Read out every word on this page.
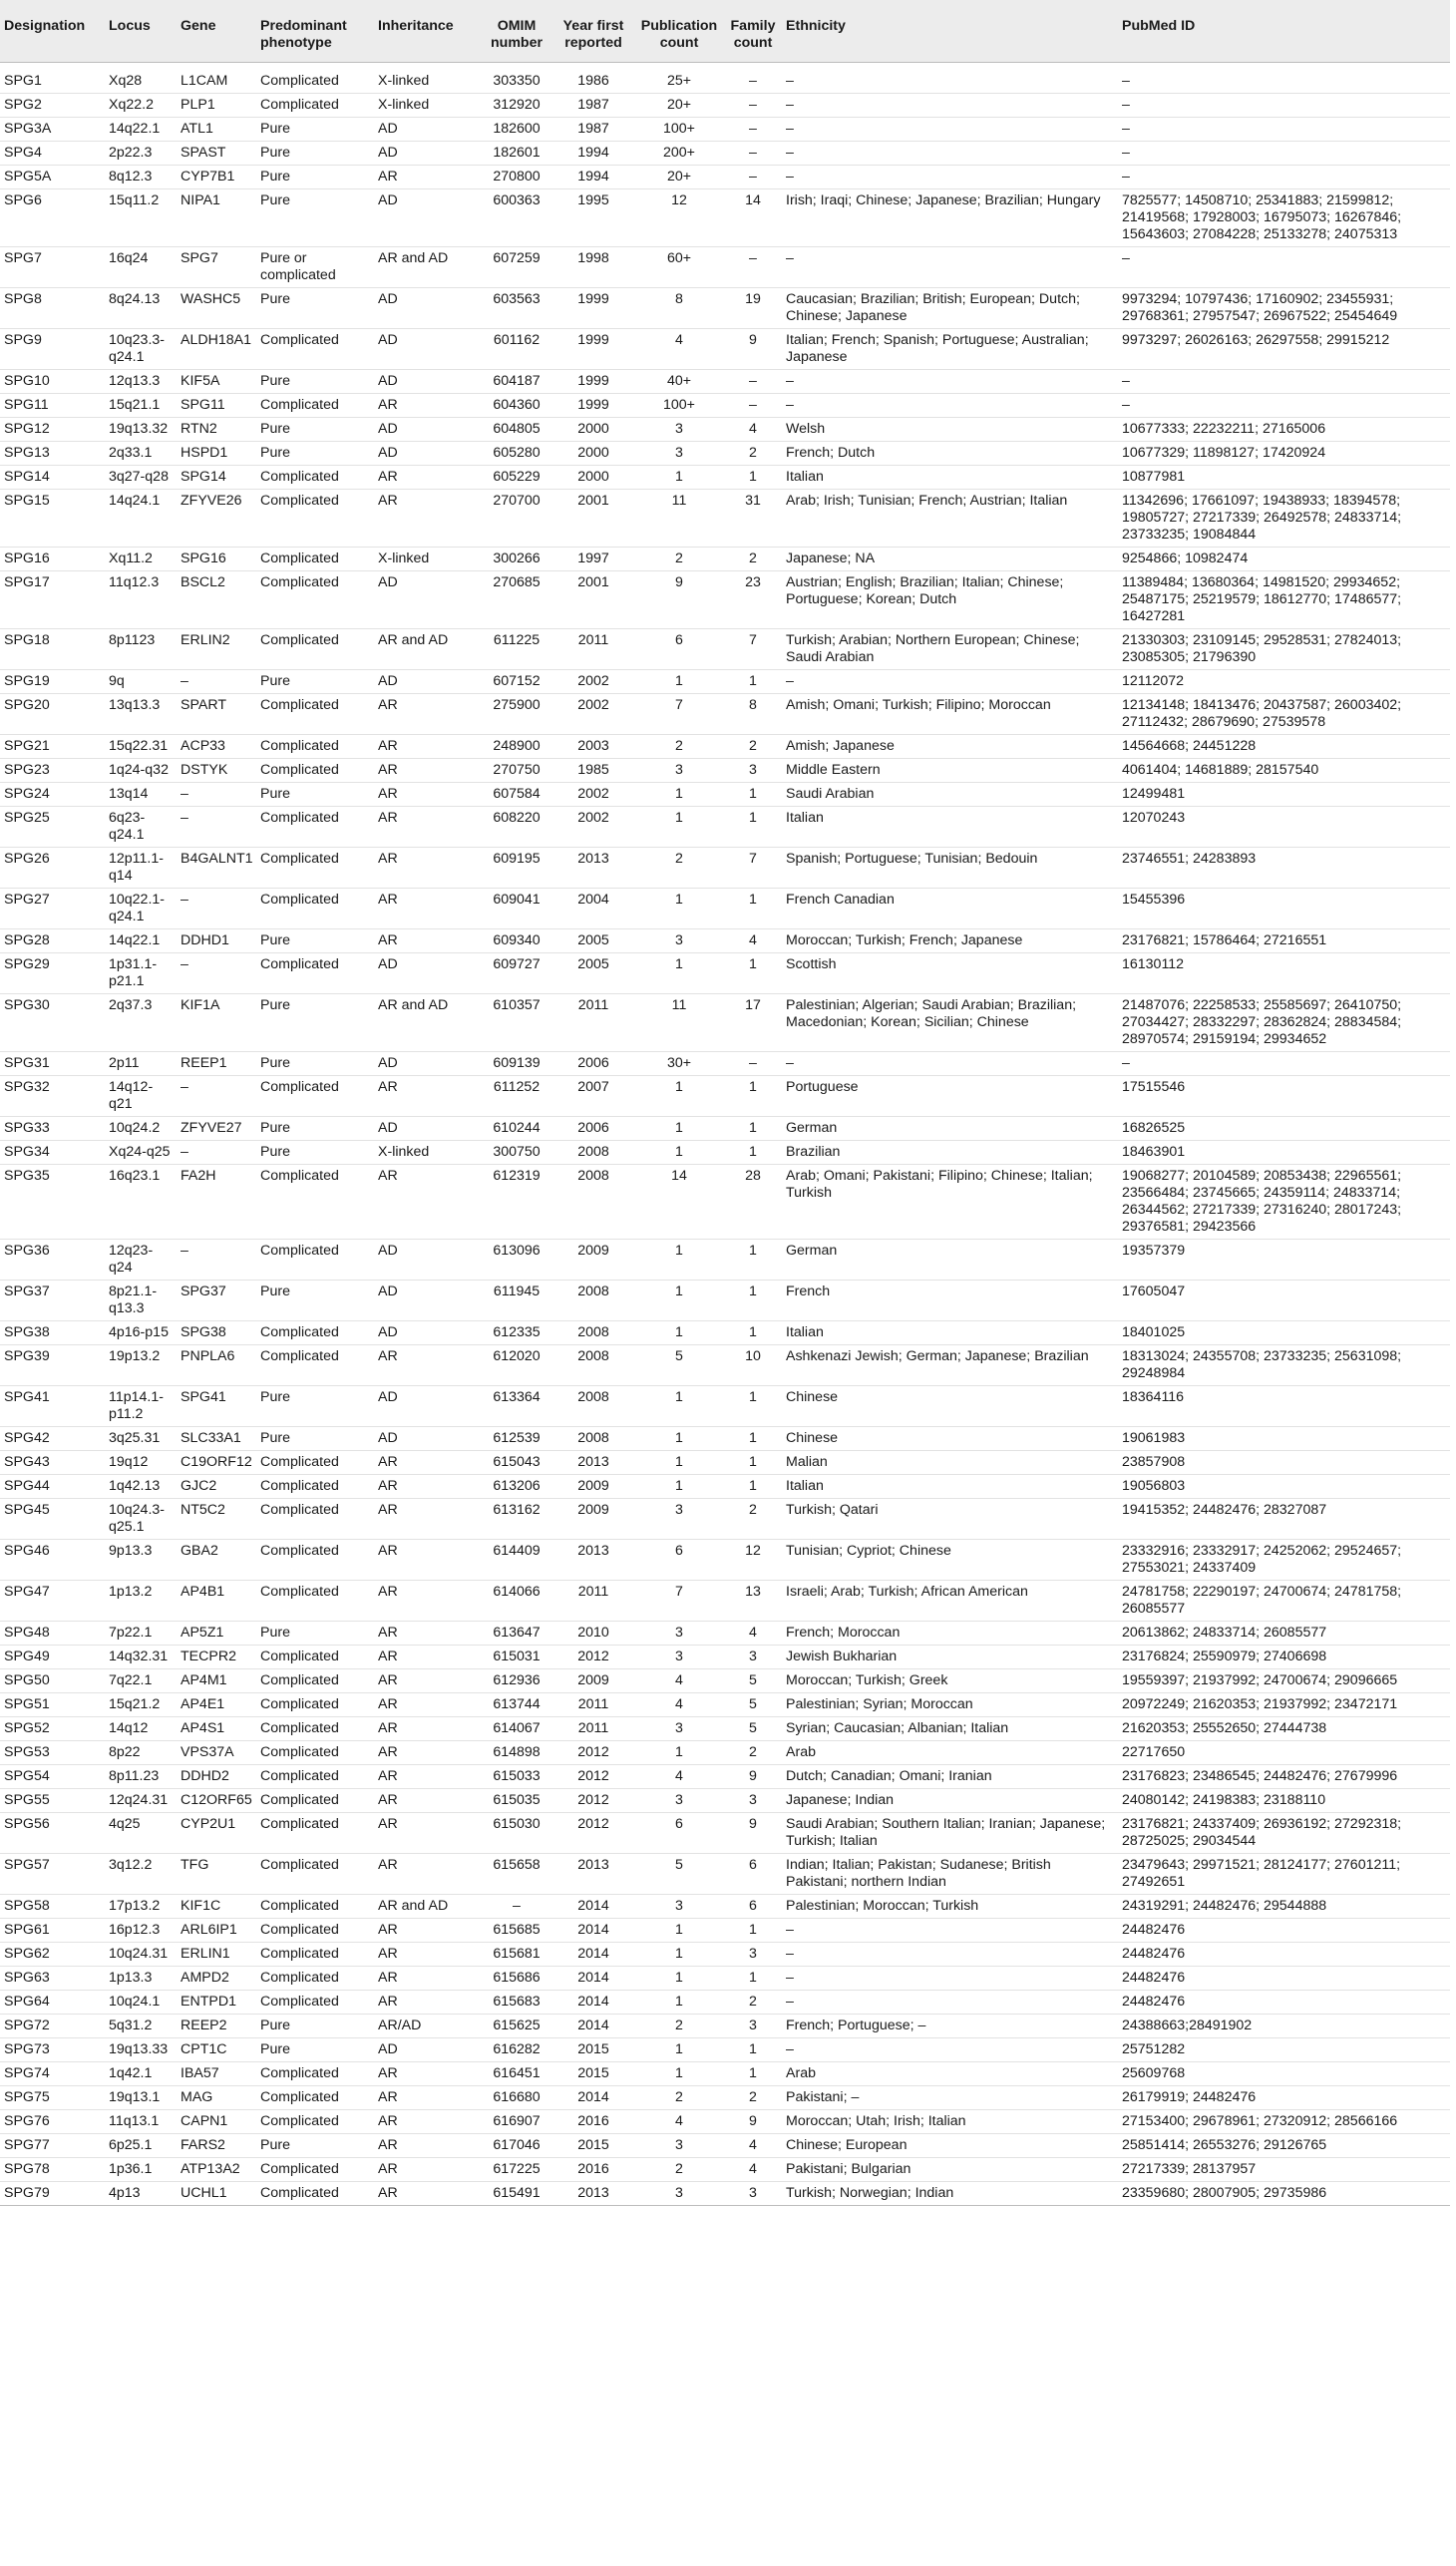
Designation	Locus	Gene	Predominant phenotype	Inheritance	OMIM number	Year first reported	Publication count	Family count	Ethnicity	PubMed ID
SPG1	Xq28	L1CAM	Complicated	X-linked	303350	1986	25+	–	–	–
SPG2	Xq22.2	PLP1	Complicated	X-linked	312920	1987	20+	–	–	–
SPG3A	14q22.1	ATL1	Pure	AD	182600	1987	100+	–	–	–
SPG4	2p22.3	SPAST	Pure	AD	182601	1994	200+	–	–	–
SPG5A	8q12.3	CYP7B1	Pure	AR	270800	1994	20+	–	–	–
SPG6	15q11.2	NIPA1	Pure	AD	600363	1995	12	14	Irish; Iraqi; Chinese; Japanese; Brazilian; Hungary	7825577; 14508710; 25341883; 21599812; 21419568; 17928003; 16795073; 16267846; 15643603; 27084228; 25133278; 24075313
SPG7	16q24	SPG7	Pure or complicated	AR and AD	607259	1998	60+	–	–	–
SPG8	8q24.13	WASHC5	Pure	AD	603563	1999	8	19	Caucasian; Brazilian; British; European; Dutch; Chinese; Japanese	9973294; 10797436; 17160902; 23455931; 29768361; 27957547; 26967522; 25454649
SPG9	10q23.3-q24.1	ALDH18A1	Complicated	AD	601162	1999	4	9	Italian; French; Spanish; Portuguese; Australian; Japanese	9973297; 26026163; 26297558; 29915212
SPG10	12q13.3	KIF5A	Pure	AD	604187	1999	40+	–	–	–
SPG11	15q21.1	SPG11	Complicated	AR	604360	1999	100+	–	–	–
SPG12	19q13.32	RTN2	Pure	AD	604805	2000	3	4	Welsh	10677333; 22232211; 27165006
SPG13	2q33.1	HSPD1	Pure	AD	605280	2000	3	2	French; Dutch	10677329; 11898127; 17420924
SPG14	3q27-q28	SPG14	Complicated	AR	605229	2000	1	1	Italian	10877981
SPG15	14q24.1	ZFYVE26	Complicated	AR	270700	2001	11	31	Arab; Irish; Tunisian; French; Austrian; Italian	11342696; 17661097; 19438933; 18394578; 19805727; 27217339; 26492578; 24833714; 23733235; 19084844
SPG16	Xq11.2	SPG16	Complicated	X-linked	300266	1997	2	2	Japanese; NA	9254866; 10982474
SPG17	11q12.3	BSCL2	Complicated	AD	270685	2001	9	23	Austrian; English; Brazilian; Italian; Chinese; Portuguese; Korean; Dutch	11389484; 13680364; 14981520; 29934652; 25487175; 25219579; 18612770; 17486577; 16427281
SPG18	8p1123	ERLIN2	Complicated	AR and AD	611225	2011	6	7	Turkish; Arabian; Northern European; Chinese; Saudi Arabian	21330303; 23109145; 29528531; 27824013; 23085305; 21796390
SPG19	9q	–	Pure	AD	607152	2002	1	1	–	12112072
SPG20	13q13.3	SPART	Complicated	AR	275900	2002	7	8	Amish; Omani; Turkish; Filipino; Moroccan	12134148; 18413476; 20437587; 26003402; 27112432; 28679690; 27539578
SPG21	15q22.31	ACP33	Complicated	AR	248900	2003	2	2	Amish; Japanese	14564668; 24451228
SPG23	1q24-q32	DSTYK	Complicated	AR	270750	1985	3	3	Middle Eastern	4061404; 14681889; 28157540
SPG24	13q14	–	Pure	AR	607584	2002	1	1	Saudi Arabian	12499481
SPG25	6q23-q24.1	–	Complicated	AR	608220	2002	1	1	Italian	12070243
SPG26	12p11.1-q14	B4GALNT1	Complicated	AR	609195	2013	2	7	Spanish; Portuguese; Tunisian; Bedouin	23746551; 24283893
SPG27	10q22.1-q24.1	–	Complicated	AR	609041	2004	1	1	French Canadian	15455396
SPG28	14q22.1	DDHD1	Pure	AR	609340	2005	3	4	Moroccan; Turkish; French; Japanese	23176821; 15786464; 27216551
SPG29	1p31.1-p21.1	–	Complicated	AD	609727	2005	1	1	Scottish	16130112
SPG30	2q37.3	KIF1A	Pure	AR and AD	610357	2011	11	17	Palestinian; Algerian; Saudi Arabian; Brazilian; Macedonian; Korean; Sicilian; Chinese	21487076; 22258533; 25585697; 26410750; 27034427; 28332297; 28362824; 28834584; 28970574; 29159194; 29934652
SPG31	2p11	REEP1	Pure	AD	609139	2006	30+	–	–	–
SPG32	14q12-q21	–	Complicated	AR	611252	2007	1	1	Portuguese	17515546
SPG33	10q24.2	ZFYVE27	Pure	AD	610244	2006	1	1	German	16826525
SPG34	Xq24-q25	–	Pure	X-linked	300750	2008	1	1	Brazilian	18463901
SPG35	16q23.1	FA2H	Complicated	AR	612319	2008	14	28	Arab; Omani; Pakistani; Filipino; Chinese; Italian; Turkish	19068277; 20104589; 20853438; 22965561; 23566484; 23745665; 24359114; 24833714; 26344562; 27217339; 27316240; 28017243; 29376581; 29423566
SPG36	12q23-q24	–	Complicated	AD	613096	2009	1	1	German	19357379
SPG37	8p21.1-q13.3	SPG37	Pure	AD	611945	2008	1	1	French	17605047
SPG38	4p16-p15	SPG38	Complicated	AD	612335	2008	1	1	Italian	18401025
SPG39	19p13.2	PNPLA6	Complicated	AR	612020	2008	5	10	Ashkenazi Jewish; German; Japanese; Brazilian	18313024; 24355708; 23733235; 25631098; 29248984
SPG41	11p14.1-p11.2	SPG41	Pure	AD	613364	2008	1	1	Chinese	18364116
SPG42	3q25.31	SLC33A1	Pure	AD	612539	2008	1	1	Chinese	19061983
SPG43	19q12	C19ORF12	Complicated	AR	615043	2013	1	1	Malian	23857908
SPG44	1q42.13	GJC2	Complicated	AR	613206	2009	1	1	Italian	19056803
SPG45	10q24.3-q25.1	NT5C2	Complicated	AR	613162	2009	3	2	Turkish; Qatari	19415352; 24482476; 28327087
SPG46	9p13.3	GBA2	Complicated	AR	614409	2013	6	12	Tunisian; Cypriot; Chinese	23332916; 23332917; 24252062; 29524657; 27553021; 24337409
SPG47	1p13.2	AP4B1	Complicated	AR	614066	2011	7	13	Israeli; Arab; Turkish; African American	24781758; 22290197; 24700674; 24781758; 26085577
SPG48	7p22.1	AP5Z1	Pure	AR	613647	2010	3	4	French; Moroccan	20613862; 24833714; 26085577
SPG49	14q32.31	TECPR2	Complicated	AR	615031	2012	3	3	Jewish Bukharian	23176824; 25590979; 27406698
SPG50	7q22.1	AP4M1	Complicated	AR	612936	2009	4	5	Moroccan; Turkish; Greek	19559397; 21937992; 24700674; 29096665
SPG51	15q21.2	AP4E1	Complicated	AR	613744	2011	4	5	Palestinian; Syrian; Moroccan	20972249; 21620353; 21937992; 23472171
SPG52	14q12	AP4S1	Complicated	AR	614067	2011	3	5	Syrian; Caucasian; Albanian; Italian	21620353; 25552650; 27444738
SPG53	8p22	VPS37A	Complicated	AR	614898	2012	1	2	Arab	22717650
SPG54	8p11.23	DDHD2	Complicated	AR	615033	2012	4	9	Dutch; Canadian; Omani; Iranian	23176823; 23486545; 24482476; 27679996
SPG55	12q24.31	C12ORF65	Complicated	AR	615035	2012	3	3	Japanese; Indian	24080142; 24198383; 23188110
SPG56	4q25	CYP2U1	Complicated	AR	615030	2012	6	9	Saudi Arabian; Southern Italian; Iranian; Japanese; Turkish; Italian	23176821; 24337409; 26936192; 27292318; 28725025; 29034544
SPG57	3q12.2	TFG	Complicated	AR	615658	2013	5	6	Indian; Italian; Pakistan; Sudanese; British Pakistani; northern Indian	23479643; 29971521; 28124177; 27601211; 27492651
SPG58	17p13.2	KIF1C	Complicated	AR and AD	–	2014	3	6	Palestinian; Moroccan; Turkish	24319291; 24482476; 29544888
SPG61	16p12.3	ARL6IP1	Complicated	AR	615685	2014	1	1	–	24482476
SPG62	10q24.31	ERLIN1	Complicated	AR	615681	2014	1	3	–	24482476
SPG63	1p13.3	AMPD2	Complicated	AR	615686	2014	1	1	–	24482476
SPG64	10q24.1	ENTPD1	Complicated	AR	615683	2014	1	2	–	24482476
SPG72	5q31.2	REEP2	Pure	AR/AD	615625	2014	2	3	French; Portuguese; –	24388663;28491902
SPG73	19q13.33	CPT1C	Pure	AD	616282	2015	1	1	–	25751282
SPG74	1q42.1	IBA57	Complicated	AR	616451	2015	1	1	Arab	25609768
SPG75	19q13.1	MAG	Complicated	AR	616680	2014	2	2	Pakistani; –	26179919; 24482476
SPG76	11q13.1	CAPN1	Complicated	AR	616907	2016	4	9	Moroccan; Utah; Irish; Italian	27153400; 29678961; 27320912; 28566166
SPG77	6p25.1	FARS2	Pure	AR	617046	2015	3	4	Chinese; European	25851414; 26553276; 29126765
SPG78	1p36.1	ATP13A2	Complicated	AR	617225	2016	2	4	Pakistani; Bulgarian	27217339; 28137957
SPG79	4p13	UCHL1	Complicated	AR	615491	2013	3	3	Turkish; Norwegian; Indian	23359680; 28007905; 29735986
